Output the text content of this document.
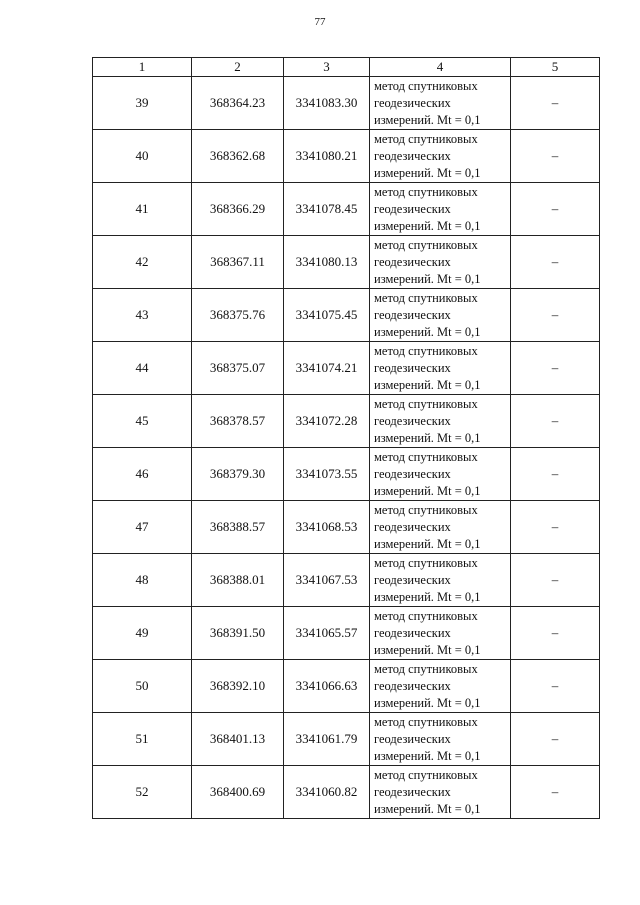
77
1	2	3	4	5
39	368364.23	3341083.30	метод спутниковых
геодезических
измерений. Mt = 0,1	–
40	368362.68	3341080.21	метод спутниковых
геодезических
измерений. Mt = 0,1	–
41	368366.29	3341078.45	метод спутниковых
геодезических
измерений. Mt = 0,1	–
42	368367.11	3341080.13	метод спутниковых
геодезических
измерений. Mt = 0,1	–
43	368375.76	3341075.45	метод спутниковых
геодезических
измерений. Mt = 0,1	–
44	368375.07	3341074.21	метод спутниковых
геодезических
измерений. Mt = 0,1	–
45	368378.57	3341072.28	метод спутниковых
геодезических
измерений. Mt = 0,1	–
46	368379.30	3341073.55	метод спутниковых
геодезических
измерений. Mt = 0,1	–
47	368388.57	3341068.53	метод спутниковых
геодезических
измерений. Mt = 0,1	–
48	368388.01	3341067.53	метод спутниковых
геодезических
измерений. Mt = 0,1	–
49	368391.50	3341065.57	метод спутниковых
геодезических
измерений. Mt = 0,1	–
50	368392.10	3341066.63	метод спутниковых
геодезических
измерений. Mt = 0,1	–
51	368401.13	3341061.79	метод спутниковых
геодезических
измерений. Mt = 0,1	–
52	368400.69	3341060.82	метод спутниковых
геодезических
измерений. Mt = 0,1	–
